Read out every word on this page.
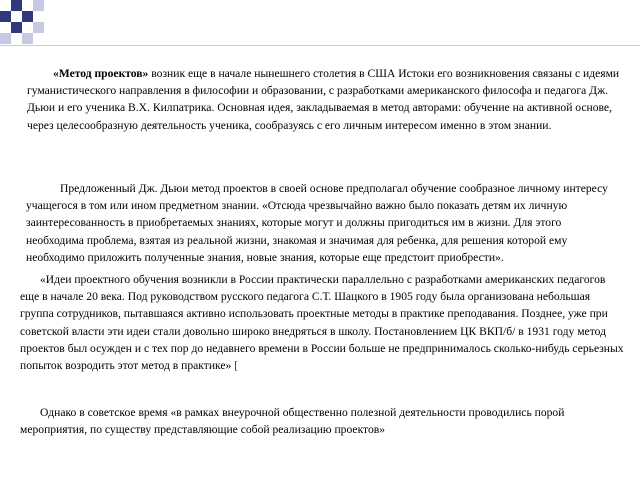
«Метод проектов» возник еще в начале нынешнего столетия в США Истоки его возникновения связаны с идеями гуманистического направления в философии и образовании, с разработками американского философа и педагога Дж. Дьюи и его ученика В.Х. Килпатрика. Основная идея, закладываемая в метод авторами: обучение на активной основе, через целесообразную деятельность ученика, сообразуясь с его личным интересом именно в этом знании.

Предложенный Дж. Дьюи метод проектов в своей основе предполагал обучение сообразное личному интересу учащегося в том или ином предметном знании. «Отсюда чрезвычайно важно было показать детям их личную заинтересованность в приобретаемых знаниях, которые могут и должны пригодиться им в жизни. Для этого необходима проблема, взятая из реальной жизни, знакомая и значимая для ребенка, для решения которой ему необходимо приложить полученные знания, новые знания, которые еще предстоит приобрести».

«Идеи проектного обучения возникли в России практически параллельно с разработками американских педагогов еще в начале 20 века. Под руководством русского педагога С.Т. Шацкого в 1905 году была организована небольшая группа сотрудников, пытавшаяся активно использовать проектные методы в практике преподавания. Позднее, уже при советской власти эти идеи стали довольно широко внедряться в школу. Постановлением ЦК ВКП/б/ в 1931 году метод проектов был осужден и с тех пор до недавнего времени в России больше не предпринималось сколько-нибудь серьезных попыток возродить этот метод в практике» [

Однако в советское время «в рамках внеурочной общественно полезной деятельности проводились порой мероприятия, по существу представляющие собой реализацию проектов»
